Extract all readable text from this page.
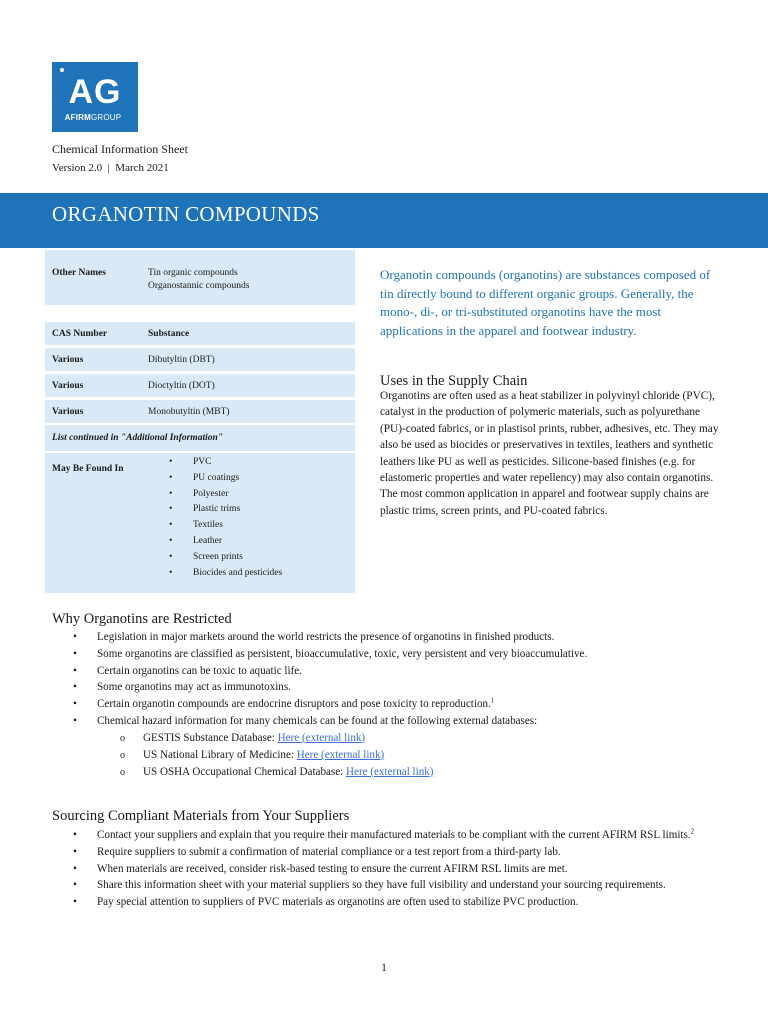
AG
AFIRMGROUP
Chemical Information Sheet
Version 2.0  |  March 2021
ORGANOTIN COMPOUNDS
Other Names	Tin organic compounds
Organostannic compounds
CAS Number	Substance
Various	Dibutyltin (DBT)
Various	Dioctyltin (DOT)
Various	Monobutyltin (MBT)
List continued in "Additional Information"
May Be Found In
• PVC
• PU coatings
• Polyester
• Plastic trims
• Textiles
• Leather
• Screen prints
• Biocides and pesticides
Organotin compounds (organotins) are substances composed of tin directly bound to different organic groups. Generally, the mono-, di-, or tri-substituted organotins have the most applications in the apparel and footwear industry.
Uses in the Supply Chain
Organotins are often used as a heat stabilizer in polyvinyl chloride (PVC), catalyst in the production of polymeric materials, such as polyurethane (PU)-coated fabrics, or in plastisol prints, rubber, adhesives, etc. They may also be used as biocides or preservatives in textiles, leathers and synthetic leathers like PU as well as pesticides. Silicone-based finishes (e.g. for elastomeric properties and water repellency) may also contain organotins. The most common application in apparel and footwear supply chains are plastic trims, screen prints, and PU-coated fabrics.
Why Organotins are Restricted
• Legislation in major markets around the world restricts the presence of organotins in finished products.
• Some organotins are classified as persistent, bioaccumulative, toxic, very persistent and very bioaccumulative.
• Certain organotins can be toxic to aquatic life.
• Some organotins may act as immunotoxins.
• Certain organotin compounds are endocrine disruptors and pose toxicity to reproduction.$^1$
• Chemical hazard information for many chemicals can be found at the following external databases:
o GESTIS Substance Database: Here (external link)
o US National Library of Medicine: Here (external link)
o US OSHA Occupational Chemical Database: Here (external link)
Sourcing Compliant Materials from Your Suppliers
• Contact your suppliers and explain that you require their manufactured materials to be compliant with the current AFIRM RSL limits.$^2$
• Require suppliers to submit a confirmation of material compliance or a test report from a third-party lab.
• When materials are received, consider risk-based testing to ensure the current AFIRM RSL limits are met.
• Share this information sheet with your material suppliers so they have full visibility and understand your sourcing requirements.
• Pay special attention to suppliers of PVC materials as organotins are often used to stabilize PVC production.
1
